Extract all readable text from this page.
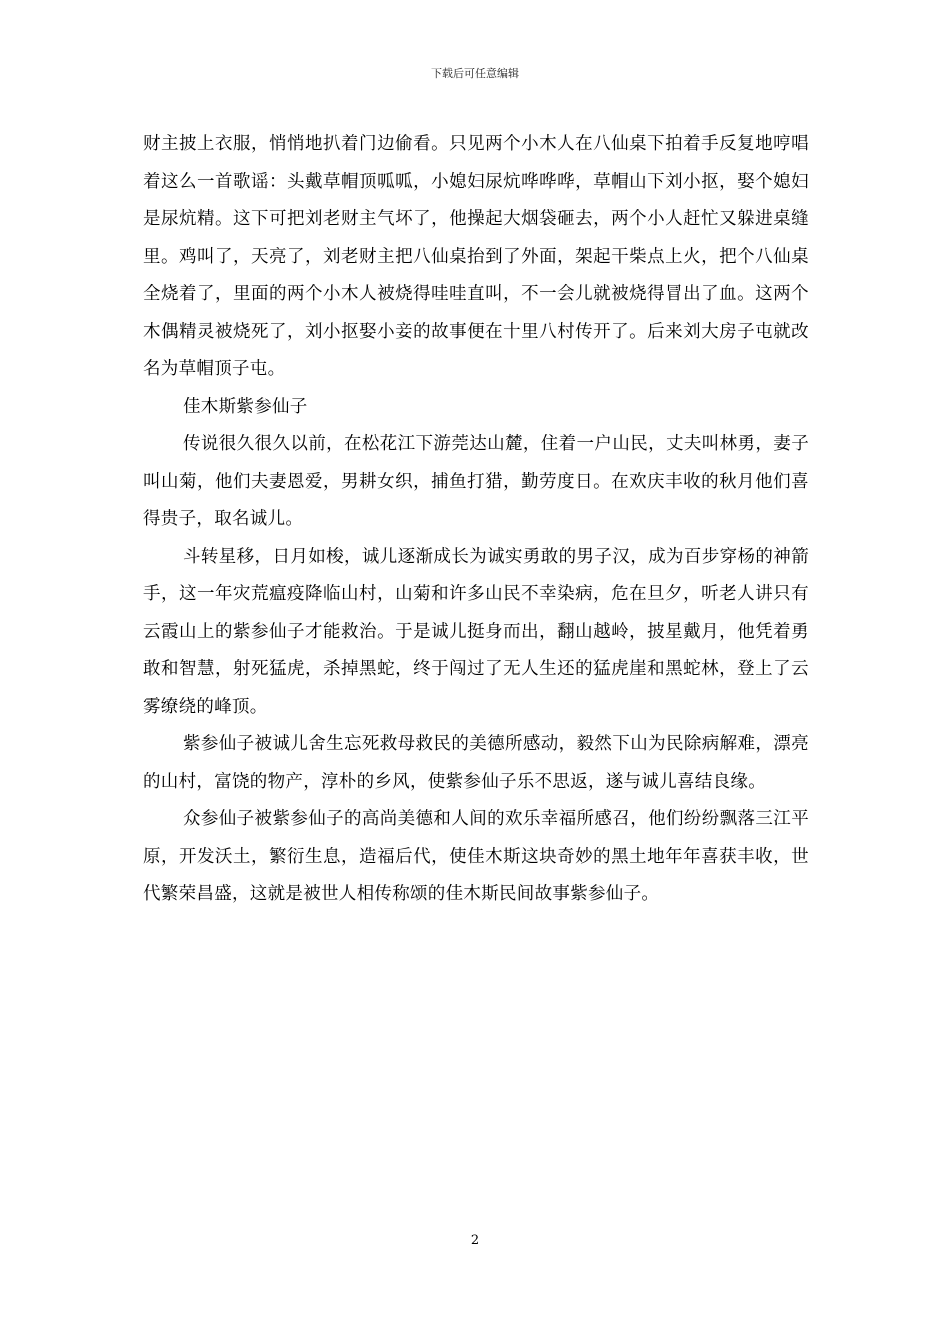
下载后可任意编辑

财主披上衣服，悄悄地扒着门边偷看。只见两个小木人在八仙桌下拍着手反复地哼唱着这么一首歌谣：头戴草帽顶呱呱，小媳妇尿炕哗哗哗，草帽山下刘小抠，娶个媳妇是尿炕精。这下可把刘老财主气坏了，他操起大烟袋砸去，两个小人赶忙又躲进桌缝里。鸡叫了，天亮了，刘老财主把八仙桌抬到了外面，架起干柴点上火，把个八仙桌全烧着了，里面的两个小木人被烧得哇哇直叫，不一会儿就被烧得冒出了血。这两个木偶精灵被烧死了，刘小抠娶小妾的故事便在十里八村传开了。后来刘大房子屯就改名为草帽顶子屯。

佳木斯紫参仙子

传说很久很久以前，在松花江下游莞达山麓，住着一户山民，丈夫叫林勇，妻子叫山菊，他们夫妻恩爱，男耕女织，捕鱼打猎，勤劳度日。在欢庆丰收的秋月他们喜得贵子，取名诚儿。

斗转星移，日月如梭，诚儿逐渐成长为诚实勇敢的男子汉，成为百步穿杨的神箭手，这一年灾荒瘟疫降临山村，山菊和许多山民不幸染病，危在旦夕，听老人讲只有云霞山上的紫参仙子才能救治。于是诚儿挺身而出，翻山越岭，披星戴月，他凭着勇敢和智慧，射死猛虎，杀掉黑蛇，终于闯过了无人生还的猛虎崖和黑蛇林，登上了云雾缭绕的峰顶。

紫参仙子被诚儿舍生忘死救母救民的美德所感动，毅然下山为民除病解难，漂亮的山村，富饶的物产，淳朴的乡风，使紫参仙子乐不思返，遂与诚儿喜结良缘。

众参仙子被紫参仙子的高尚美德和人间的欢乐幸福所感召，他们纷纷飘落三江平原，开发沃土，繁衍生息，造福后代，使佳木斯这块奇妙的黑土地年年喜获丰收，世代繁荣昌盛，这就是被世人相传称颂的佳木斯民间故事紫参仙子。

2
